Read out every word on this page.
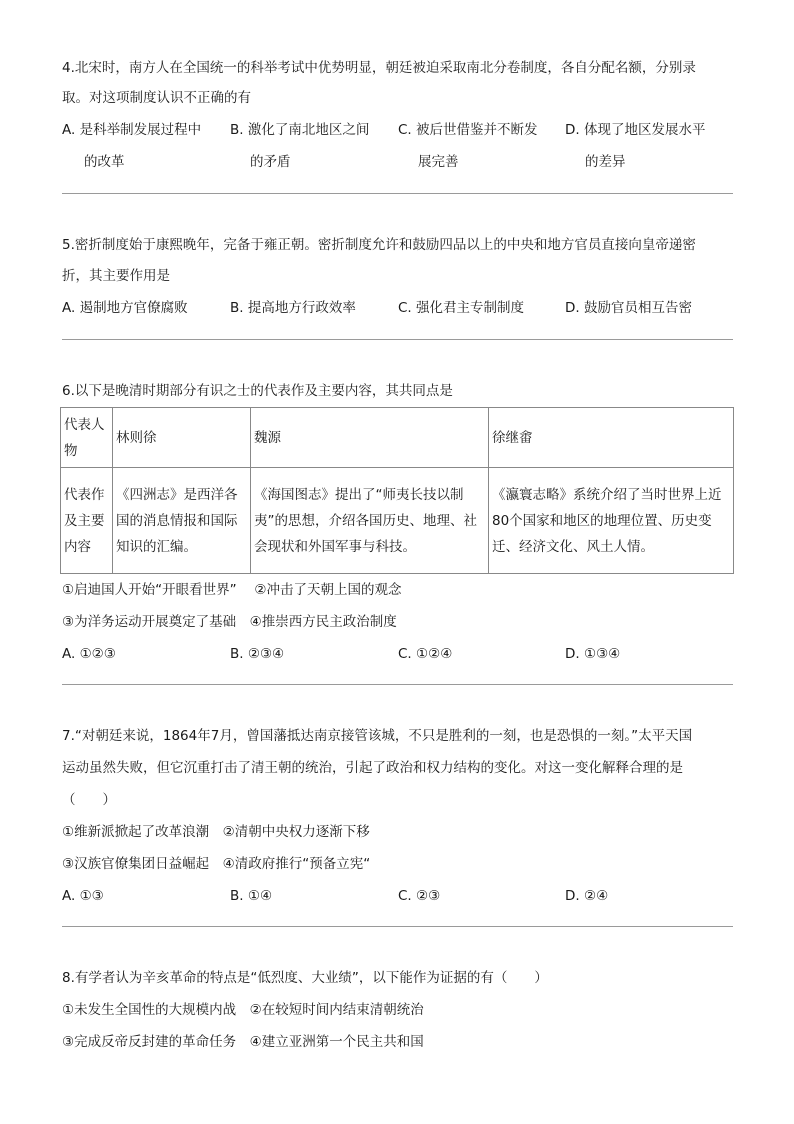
4.北宋时，南方人在全国统一的科举考试中优势明显，朝廷被迫采取南北分卷制度，各自分配名额，分别录
取。对这项制度认识不正确的有
A. 是科举制发展过程中
的改革
B. 激化了南北地区之间
的矛盾
C. 被后世借鉴并不断发
展完善
D. 体现了地区发展水平
的差异
5.密折制度始于康熙晚年，完备于雍正朝。密折制度允许和鼓励四品以上的中央和地方官员直接向皇帝递密
折，其主要作用是
A. 遏制地方官僚腐败	B. 提高地方行政效率	C. 强化君主专制制度	D. 鼓励官员相互告密
6.以下是晚清时期部分有识之士的代表作及主要内容，其共同点是
代表人物	林则徐	魏源	徐继畬

代表作及主要内容	《四洲志》是西洋各国的消息情报和国际知识的汇编。	《海国图志》提出了“师夷长技以制夷”的思想，介绍各国历史、地理、社会现状和外国军事与科技。	《瀛寰志略》系统介绍了当时世界上近80个国家和地区的地理位置、历史变迁、经济文化、风土人情。
①启迪国人开始“开眼看世界”　 ②冲击了天朝上国的观念
③为洋务运动开展奠定了基础　④推崇西方民主政治制度
A. ①②③	B. ②③④	C. ①②④	D. ①③④
7.“对朝廷来说，1864年7月，曾国藩抵达南京接管该城，不只是胜利的一刻，也是恐惧的一刻。”太平天国
运动虽然失败，但它沉重打击了清王朝的统治，引起了政治和权力结构的变化。对这一变化解释合理的是
（　　）
①维新派掀起了改革浪潮　②清朝中央权力逐渐下移
③汉族官僚集团日益崛起　④清政府推行“预备立宪“
A. ①③	B. ①④	C. ②③	D. ②④
8.有学者认为辛亥革命的特点是“低烈度、大业绩”，以下能作为证据的有（　　）
①未发生全国性的大规模内战　②在较短时间内结束清朝统治
③完成反帝反封建的革命任务　④建立亚洲第一个民主共和国
